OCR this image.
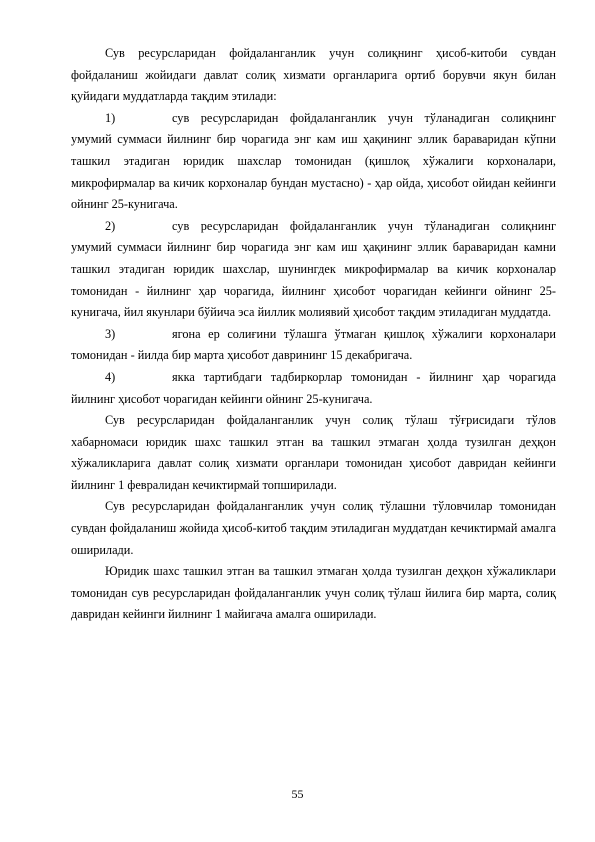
Сув ресурсларидан фойдаланганлик учун солиқнинг ҳисоб-китоби сувдан фойдаланиш жойидаги давлат солиқ хизмати органларига ортиб борувчи якун билан қуйидаги муддатларда тақдим этилади:

1)	сув ресурсларидан фойдаланганлик учун тўланадиган солиқнинг умумий суммаси йилнинг бир чорагида энг кам иш ҳақининг эллик бараваридан кўпни ташкил этадиган юридик шахслар томонидан (қишлоқ хўжалиги корхоналари, микрофирмалар ва кичик корхоналар бундан мустасно) - ҳар ойда, ҳисобот ойидан кейинги ойнинг 25-кунигача.

2)	сув ресурсларидан фойдаланганлик учун тўланадиган солиқнинг умумий суммаси йилнинг бир чорагида энг кам иш ҳақининг эллик бараваридан камни ташкил этадиган юридик шахслар, шунингдек микрофирмалар ва кичик корхоналар томонидан - йилнинг ҳар чорагида, йилнинг ҳисобот чорагидан кейинги ойнинг 25-кунигача, йил якунлари бўйича эса йиллик молиявий ҳисобот тақдим этиладиган муддатда.

3)	ягона ер солиғини тўлашга ўтмаган қишлоқ хўжалиги корхоналари томонидан - йилда бир марта ҳисобот даврининг 15 декабригача.

4)	якка тартибдаги тадбиркорлар томонидан - йилнинг ҳар чорагида йилнинг ҳисобот чорагидан кейинги ойнинг 25-кунигача.

Сув ресурсларидан фойдаланганлик учун солиқ тўлаш тўғрисидаги тўлов хабарномаси юридик шахс ташкил этган ва ташкил этмаган ҳолда тузилган деҳқон хўжаликларига давлат солиқ хизмати органлари томонидан ҳисобот давридан кейинги йилнинг 1 февралидан кечиктирмай топширилади.

Сув ресурсларидан фойдаланганлик учун солиқ тўлашни тўловчилар томонидан сувдан фойдаланиш жойида ҳисоб-китоб тақдим этиладиган муддатдан кечиктирмай амалга оширилади.

Юридик шахс ташкил этган ва ташкил этмаган ҳолда тузилган деҳқон хўжаликлари томонидан сув ресурсларидан фойдаланганлик учун солиқ тўлаш йилига бир марта, солиқ давридан кейинги йилнинг 1 майигача амалга оширилади.

55
